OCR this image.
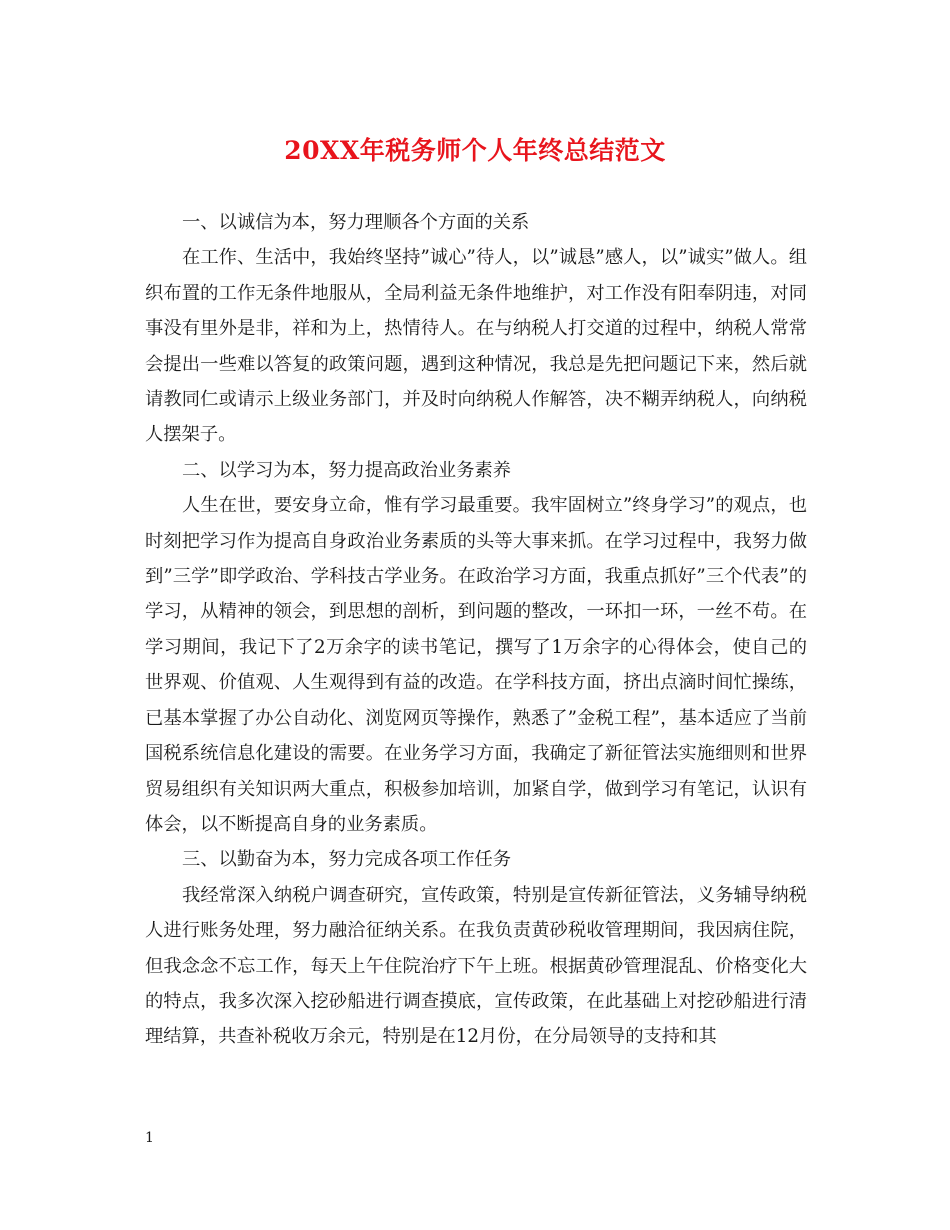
20XX年税务师个人年终总结范文

一、以诚信为本，努力理顺各个方面的关系

在工作、生活中，我始终坚持”诚心”待人，以”诚恳”感人，以”诚实”做人。组织布置的工作无条件地服从，全局利益无条件地维护，对工作没有阳奉阴违，对同事没有里外是非，祥和为上，热情待人。在与纳税人打交道的过程中，纳税人常常会提出一些难以答复的政策问题，遇到这种情况，我总是先把问题记下来，然后就请教同仁或请示上级业务部门，并及时向纳税人作解答，决不糊弄纳税人，向纳税人摆架子。

二、以学习为本，努力提高政治业务素养

人生在世，要安身立命，惟有学习最重要。我牢固树立”终身学习”的观点，也时刻把学习作为提高自身政治业务素质的头等大事来抓。在学习过程中，我努力做到”三学”即学政治、学科技古学业务。在政治学习方面，我重点抓好”三个代表”的学习，从精神的领会，到思想的剖析，到问题的整改，一环扣一环，一丝不苟。在学习期间，我记下了2万余字的读书笔记，撰写了1万余字的心得体会，使自己的世界观、价值观、人生观得到有益的改造。在学科技方面，挤出点滴时间忙操练，已基本掌握了办公自动化、浏览网页等操作，熟悉了”金税工程”，基本适应了当前国税系统信息化建设的需要。在业务学习方面，我确定了新征管法实施细则和世界贸易组织有关知识两大重点，积极参加培训，加紧自学，做到学习有笔记，认识有体会，以不断提高自身的业务素质。

三、以勤奋为本，努力完成各项工作任务

我经常深入纳税户调查研究，宣传政策，特别是宣传新征管法，义务辅导纳税人进行账务处理，努力融洽征纳关系。在我负责黄砂税收管理期间，我因病住院，但我念念不忘工作，每天上午住院治疗下午上班。根据黄砂管理混乱、价格变化大的特点，我多次深入挖砂船进行调查摸底，宣传政策，在此基础上对挖砂船进行清理结算，共查补税收万余元，特别是在12月份，在分局领导的支持和其

1
